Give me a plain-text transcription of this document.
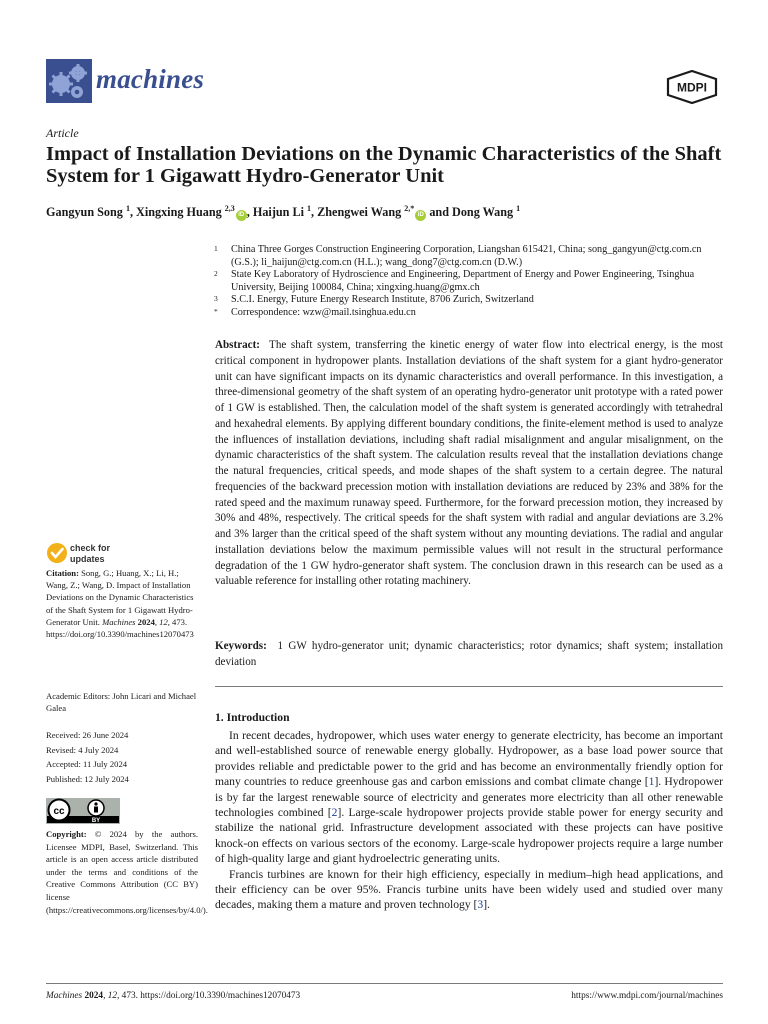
machines	MDPI
Article
Impact of Installation Deviations on the Dynamic Characteristics of the Shaft System for 1 Gigawatt Hydro-Generator Unit
Gangyun Song $^1$, Xingxing Huang $^{2,3}$iD , Haijun Li $^1$, Zhengwei Wang $^{2,*}$iD and Dong Wang $^1$
1 China Three Gorges Construction Engineering Corporation, Liangshan 615421, China; song_gangyun@ctg.com.cn (G.S.); li_haijun@ctg.com.cn (H.L.); wang_dong7@ctg.com.cn (D.W.)
2 State Key Laboratory of Hydroscience and Engineering, Department of Energy and Power Engineering, Tsinghua University, Beijing 100084, China; xingxing.huang@gmx.ch
3 S.C.I. Energy, Future Energy Research Institute, 8706 Zurich, Switzerland
* Correspondence: wzw@mail.tsinghua.edu.cn
Abstract: The shaft system, transferring the kinetic energy of water flow into electrical energy, is the most critical component in hydropower plants. Installation deviations of the shaft system for a giant hydro-generator unit can have significant impacts on its dynamic characteristics and overall performance. In this investigation, a three-dimensional geometry of the shaft system of an operating hydro-generator unit prototype with a rated power of 1 GW is established. Then, the calculation model of the shaft system is generated accordingly with tetrahedral and hexahedral elements. By applying different boundary conditions, the finite-element method is used to analyze the influences of installation deviations, including shaft radial misalignment and angular misalignment, on the dynamic characteristics of the shaft system. The calculation results reveal that the installation deviations change the natural frequencies, critical speeds, and mode shapes of the shaft system to a certain degree. The natural frequencies of the backward precession motion with installation deviations are reduced by 23% and 38% for the rated speed and the maximum runaway speed. Furthermore, for the forward precession motion, they increased by 30% and 48%, respectively. The critical speeds for the shaft system with radial and angular deviations are 3.2% and 3% larger than the critical speed of the shaft system without any mounting deviations. The radial and angular installation deviations below the maximum permissible values will not result in the structural performance degradation of the 1 GW hydro-generator shaft system. The conclusion drawn in this research can be used as a valuable reference for installing other rotating machinery.
Keywords: 1 GW hydro-generator unit; dynamic characteristics; rotor dynamics; shaft system; installation deviation
check for
updates
Citation: Song, G.; Huang, X.; Li, H.; Wang, Z.; Wang, D. Impact of Installation Deviations on the Dynamic Characteristics of the Shaft System for 1 Gigawatt Hydro-Generator Unit. Machines 2024, 12, 473. https://doi.org/10.3390/machines12070473
Academic Editors: John Licari and Michael Galea
Received: 26 June 2024
Revised: 4 July 2024
Accepted: 11 July 2024
Published: 12 July 2024
cc
BY
Copyright: © 2024 by the authors. Licensee MDPI, Basel, Switzerland. This article is an open access article distributed under the terms and conditions of the Creative Commons Attribution (CC BY) license (https://creativecommons.org/licenses/by/4.0/).
1. Introduction

In recent decades, hydropower, which uses water energy to generate electricity, has become an important and well-established source of renewable energy globally. Hydropower, as a base load power source that provides reliable and predictable power to the grid and has become an environmentally friendly option for many countries to reduce greenhouse gas and carbon emissions and combat climate change [1]. Hydropower is by far the largest renewable source of electricity and generates more electricity than all other renewable technologies combined [2]. Large-scale hydropower projects provide stable power for energy security and stabilize the national grid. Infrastructure development associated with these projects can have positive knock-on effects on various sectors of the economy. Large-scale hydropower projects require a large number of high-quality large and giant hydroelectric generating units.

Francis turbines are known for their high efficiency, especially in medium–high head applications, and their efficiency can be over 95%. Francis turbine units have been widely used and studied over many decades, making them a mature and proven technology [3].

Machines 2024, 12, 473. https://doi.org/10.3390/machines12070473	https://www.mdpi.com/journal/machines
